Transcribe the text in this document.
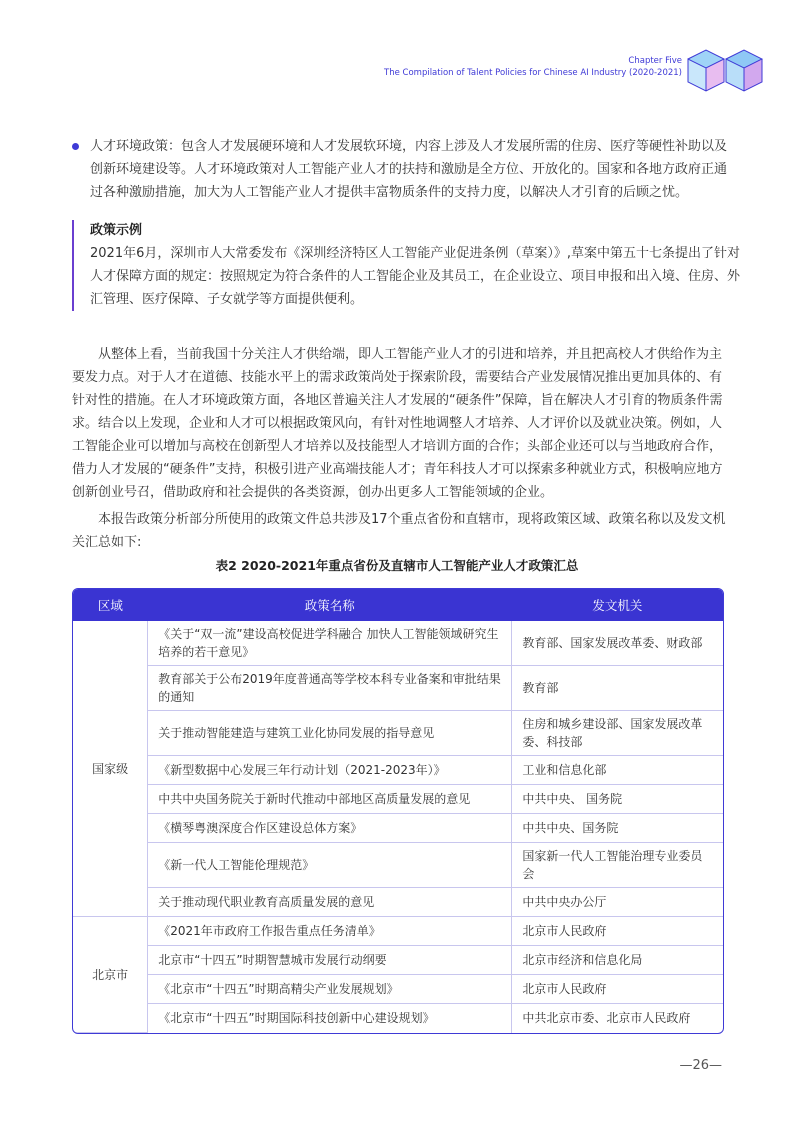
Chapter Five
The Compilation of Talent Policies for Chinese AI Industry (2020-2021)
人才环境政策：包含人才发展硬环境和人才发展软环境，内容上涉及人才发展所需的住房、医疗等硬性补助以及创新环境建设等。人才环境政策对人工智能产业人才的扶持和激励是全方位、开放化的。国家和各地方政府正通过各种激励措施，加大为人工智能产业人才提供丰富物质条件的支持力度，以解决人才引育的后顾之忧。
政策示例
2021年6月，深圳市人大常委发布《深圳经济特区人工智能产业促进条例（草案）》,草案中第五十七条提出了针对人才保障方面的规定：按照规定为符合条件的人工智能企业及其员工，在企业设立、项目申报和出入境、住房、外汇管理、医疗保障、子女就学等方面提供便利。
从整体上看，当前我国十分关注人才供给端，即人工智能产业人才的引进和培养，并且把高校人才供给作为主要发力点。对于人才在道德、技能水平上的需求政策尚处于探索阶段，需要结合产业发展情况推出更加具体的、有针对性的措施。在人才环境政策方面，各地区普遍关注人才发展的“硬条件”保障，旨在解决人才引育的物质条件需求。结合以上发现，企业和人才可以根据政策风向，有针对性地调整人才培养、人才评价以及就业决策。例如，人工智能企业可以增加与高校在创新型人才培养以及技能型人才培训方面的合作；头部企业还可以与当地政府合作，借力人才发展的“硬条件”支持，积极引进产业高端技能人才；青年科技人才可以探索多种就业方式，积极响应地方创新创业号召，借助政府和社会提供的各类资源，创办出更多人工智能领域的企业。
本报告政策分析部分所使用的政策文件总共涉及17个重点省份和直辖市，现将政策区域、政策名称以及发文机关汇总如下:
表2 2020-2021年重点省份及直辖市人工智能产业人才政策汇总
区域	政策名称	发文机关
国家级	《关于“双一流”建设高校促进学科融合 加快人工智能领域研究生培养的若干意见》	教育部、国家发展改革委、财政部
	教育部关于公布2019年度普通高等学校本科专业备案和审批结果的通知	教育部
	关于推动智能建造与建筑工业化协同发展的指导意见	住房和城乡建设部、国家发展改革委、科技部
	《新型数据中心发展三年行动计划（2021-2023年）》	工业和信息化部
	中共中央国务院关于新时代推动中部地区高质量发展的意见	中共中央、 国务院
	《横琴粤澳深度合作区建设总体方案》	中共中央、国务院
	《新一代人工智能伦理规范》	国家新一代人工智能治理专业委员会
	关于推动现代职业教育高质量发展的意见	中共中央办公厅
北京市	《2021年市政府工作报告重点任务清单》	北京市人民政府
	北京市“十四五”时期智慧城市发展行动纲要	北京市经济和信息化局
	《北京市“十四五”时期高精尖产业发展规划》	北京市人民政府
	《北京市“十四五”时期国际科技创新中心建设规划》	中共北京市委、北京市人民政府
—26—
